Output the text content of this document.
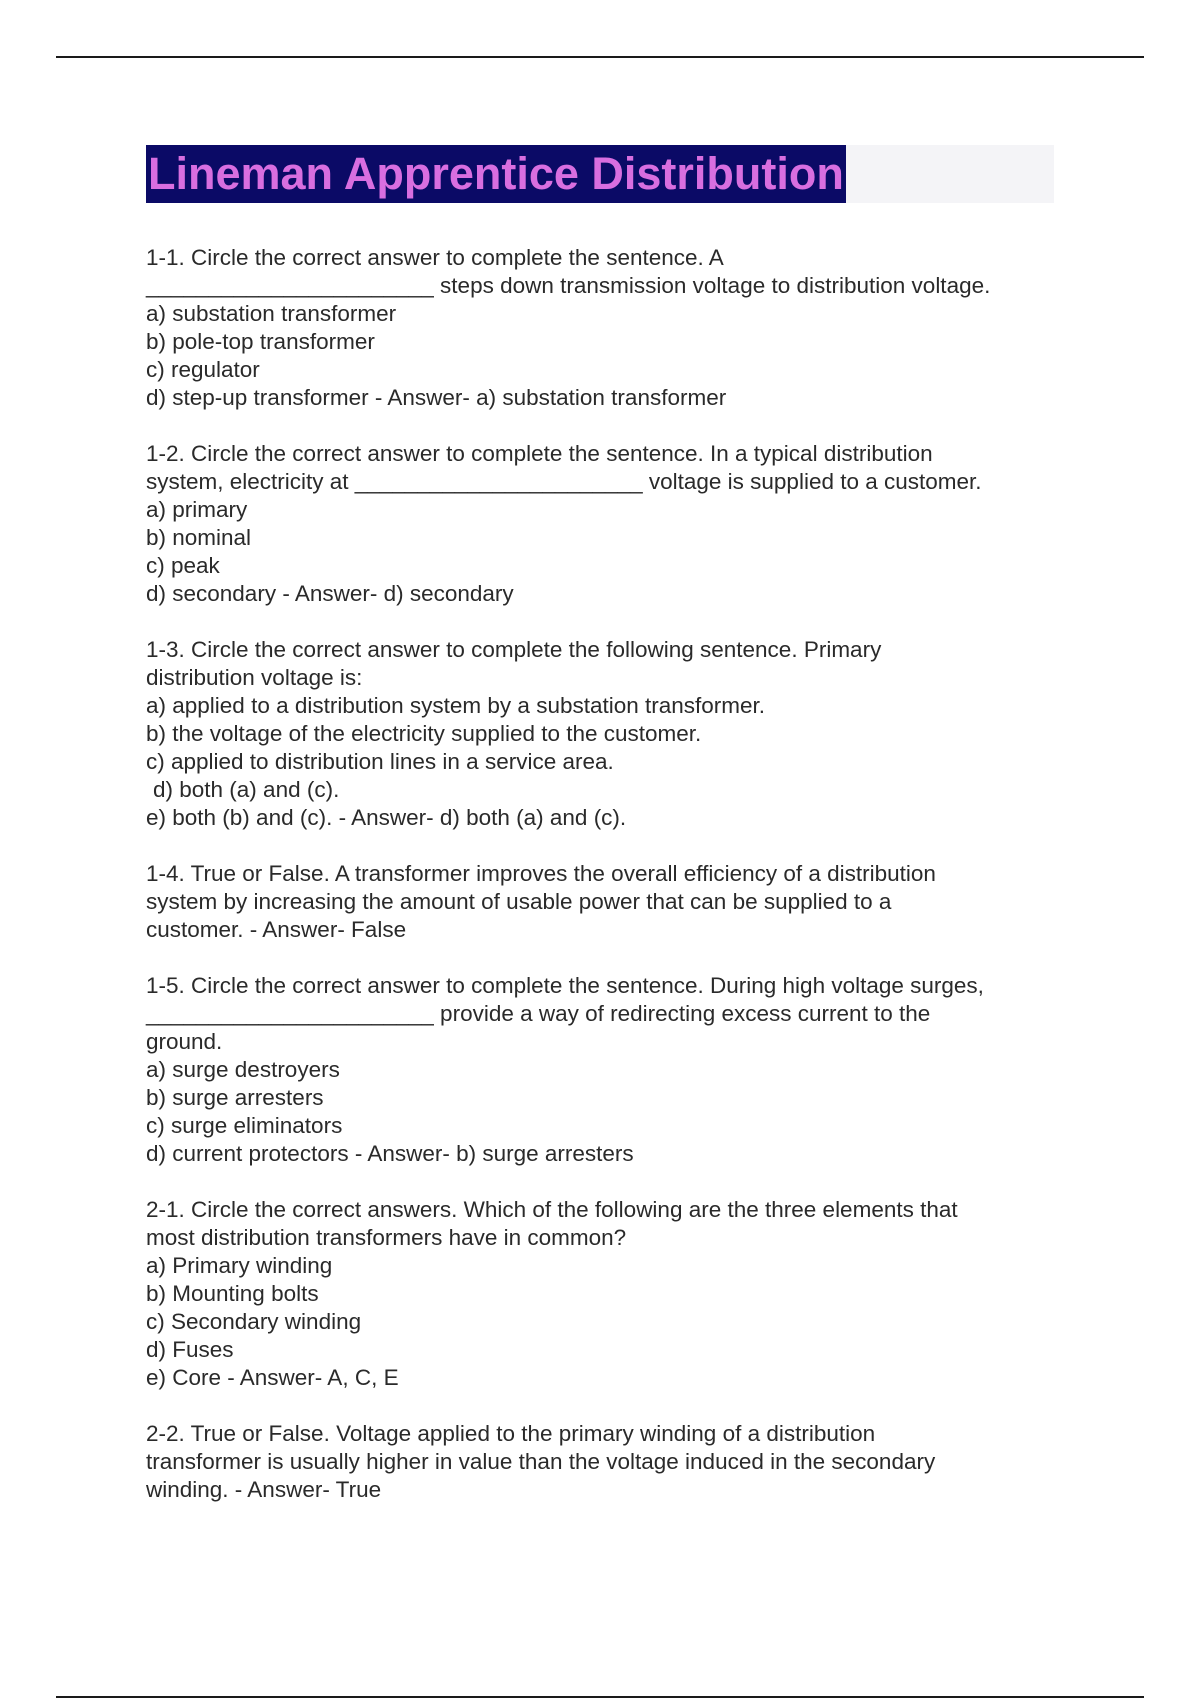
Lineman Apprentice Distribution
1-1. Circle the correct answer to complete the sentence. A
_______________________ steps down transmission voltage to distribution voltage.
a) substation transformer
b) pole-top transformer
c) regulator
d) step-up transformer - Answer- a) substation transformer
1-2. Circle the correct answer to complete the sentence. In a typical distribution
system, electricity at _______________________ voltage is supplied to a customer.
a) primary
b) nominal
c) peak
d) secondary - Answer- d) secondary
1-3. Circle the correct answer to complete the following sentence. Primary
distribution voltage is:
a) applied to a distribution system by a substation transformer.
b) the voltage of the electricity supplied to the customer.
c) applied to distribution lines in a service area.
d) both (a) and (c).
e) both (b) and (c). - Answer- d) both (a) and (c).
1-4. True or False. A transformer improves the overall efficiency of a distribution
system by increasing the amount of usable power that can be supplied to a
customer. - Answer- False
1-5. Circle the correct answer to complete the sentence. During high voltage surges,
_______________________ provide a way of redirecting excess current to the
ground.
a) surge destroyers
b) surge arresters
c) surge eliminators
d) current protectors - Answer- b) surge arresters
2-1. Circle the correct answers. Which of the following are the three elements that
most distribution transformers have in common?
a) Primary winding
b) Mounting bolts
c) Secondary winding
d) Fuses
e) Core - Answer- A, C, E
2-2. True or False. Voltage applied to the primary winding of a distribution
transformer is usually higher in value than the voltage induced in the secondary
winding. - Answer- True
